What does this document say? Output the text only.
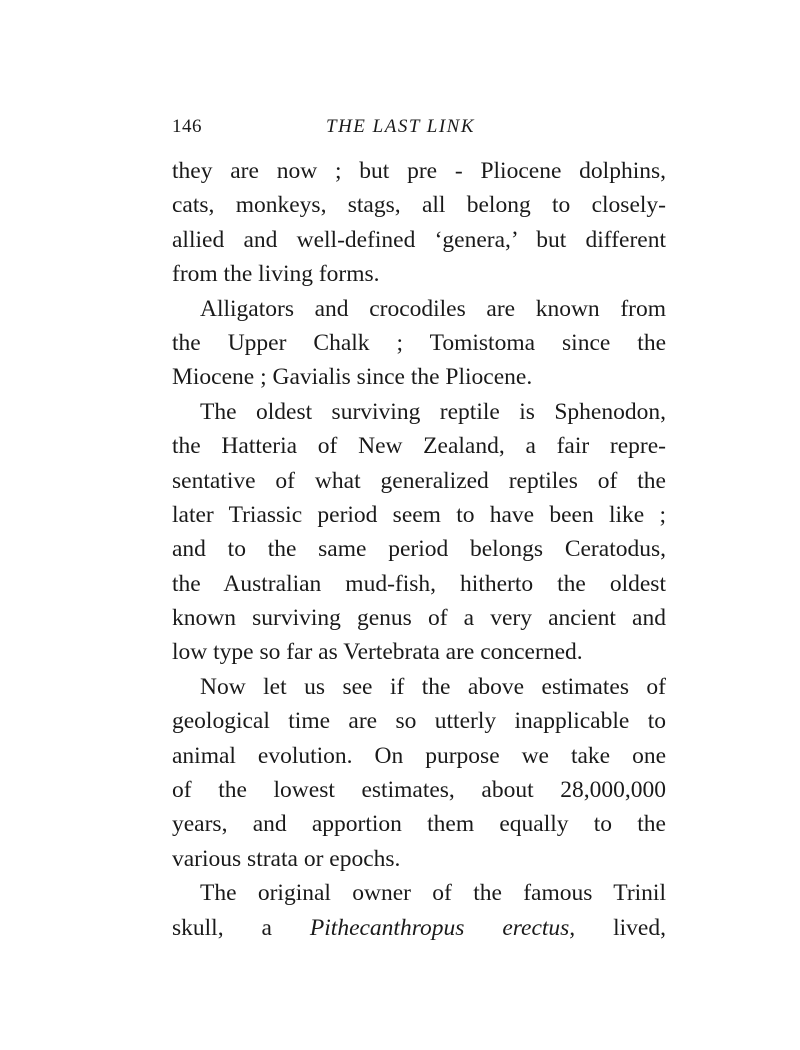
146	THE LAST LINK
they are now ; but pre - Pliocene dolphins,
cats, monkeys, stags, all belong to closely-
allied and well-defined ‘genera,’ but different
from the living forms.
Alligators and crocodiles are known from
the Upper Chalk ; Tomistoma since the
Miocene ; Gavialis since the Pliocene.
The oldest surviving reptile is Sphenodon,
the Hatteria of New Zealand, a fair repre-
sentative of what generalized reptiles of the
later Triassic period seem to have been like ;
and to the same period belongs Ceratodus,
the Australian mud-fish, hitherto the oldest
known surviving genus of a very ancient and
low type so far as Vertebrata are concerned.
Now let us see if the above estimates of
geological time are so utterly inapplicable to
animal evolution. On purpose we take one
of the lowest estimates, about 28,000,000
years, and apportion them equally to the
various strata or epochs.
The original owner of the famous Trinil
skull, a Pithecanthropus erectus, lived,
